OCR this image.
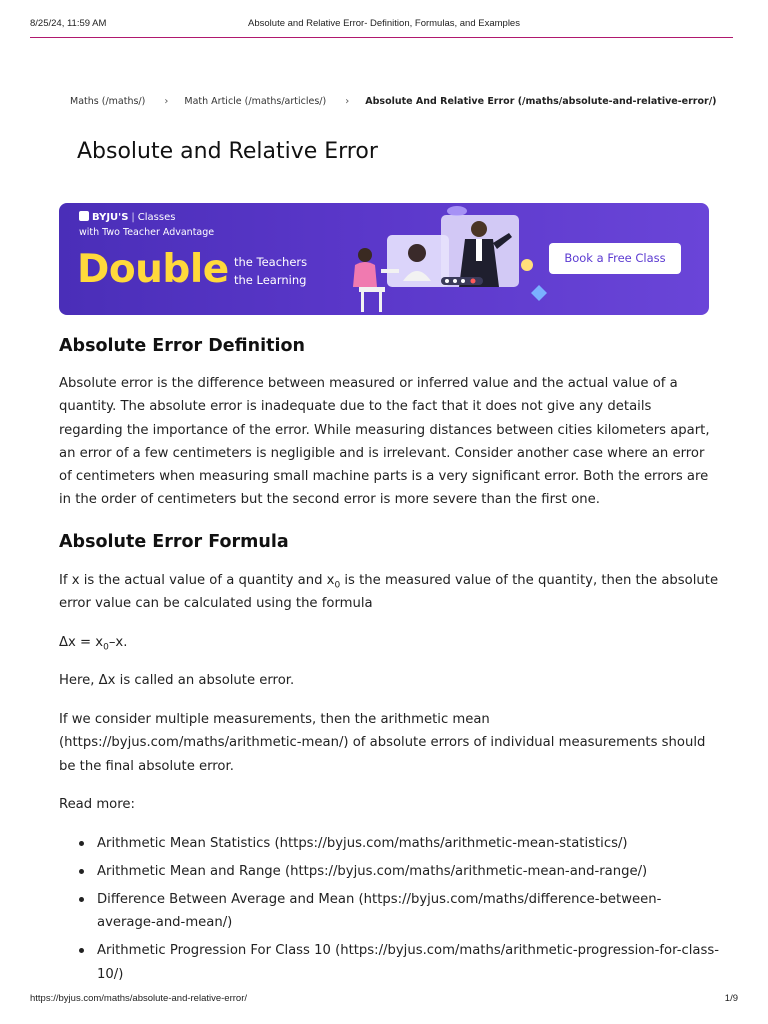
8/25/24, 11:59 AM	Absolute and Relative Error- Definition, Formulas, and Examples
Maths (/maths/) › Math Article (/maths/articles/) › Absolute And Relative Error (/maths/absolute-and-relative-error/)
Absolute and Relative Error
BYJU'S | Classes
with Two Teacher Advantage
Double the Teachers
the Learning
Book a Free Class
Absolute Error Definition

Absolute error is the difference between measured or inferred value and the actual value of a quantity. The absolute error is inadequate due to the fact that it does not give any details regarding the importance of the error. While measuring distances between cities kilometers apart, an error of a few centimeters is negligible and is irrelevant. Consider another case where an error of centimeters when measuring small machine parts is a very significant error. Both the errors are in the order of centimeters but the second error is more severe than the first one.

Absolute Error Formula

If x is the actual value of a quantity and $x_0$ is the measured value of the quantity, then the absolute error value can be calculated using the formula

$\Delta x = x_0-x$.

Here, Δx is called an absolute error.

If we consider multiple measurements, then the arithmetic mean (https://byjus.com/maths/arithmetic-mean/) of absolute errors of individual measurements should be the final absolute error.

Read more:

Arithmetic Mean Statistics (https://byjus.com/maths/arithmetic-mean-statistics/)
Arithmetic Mean and Range (https://byjus.com/maths/arithmetic-mean-and-range/)
Difference Between Average and Mean (https://byjus.com/maths/difference-between-average-and-mean/)
Arithmetic Progression For Class 10 (https://byjus.com/maths/arithmetic-progression-for-class-10/)
https://byjus.com/maths/absolute-and-relative-error/	1/9
